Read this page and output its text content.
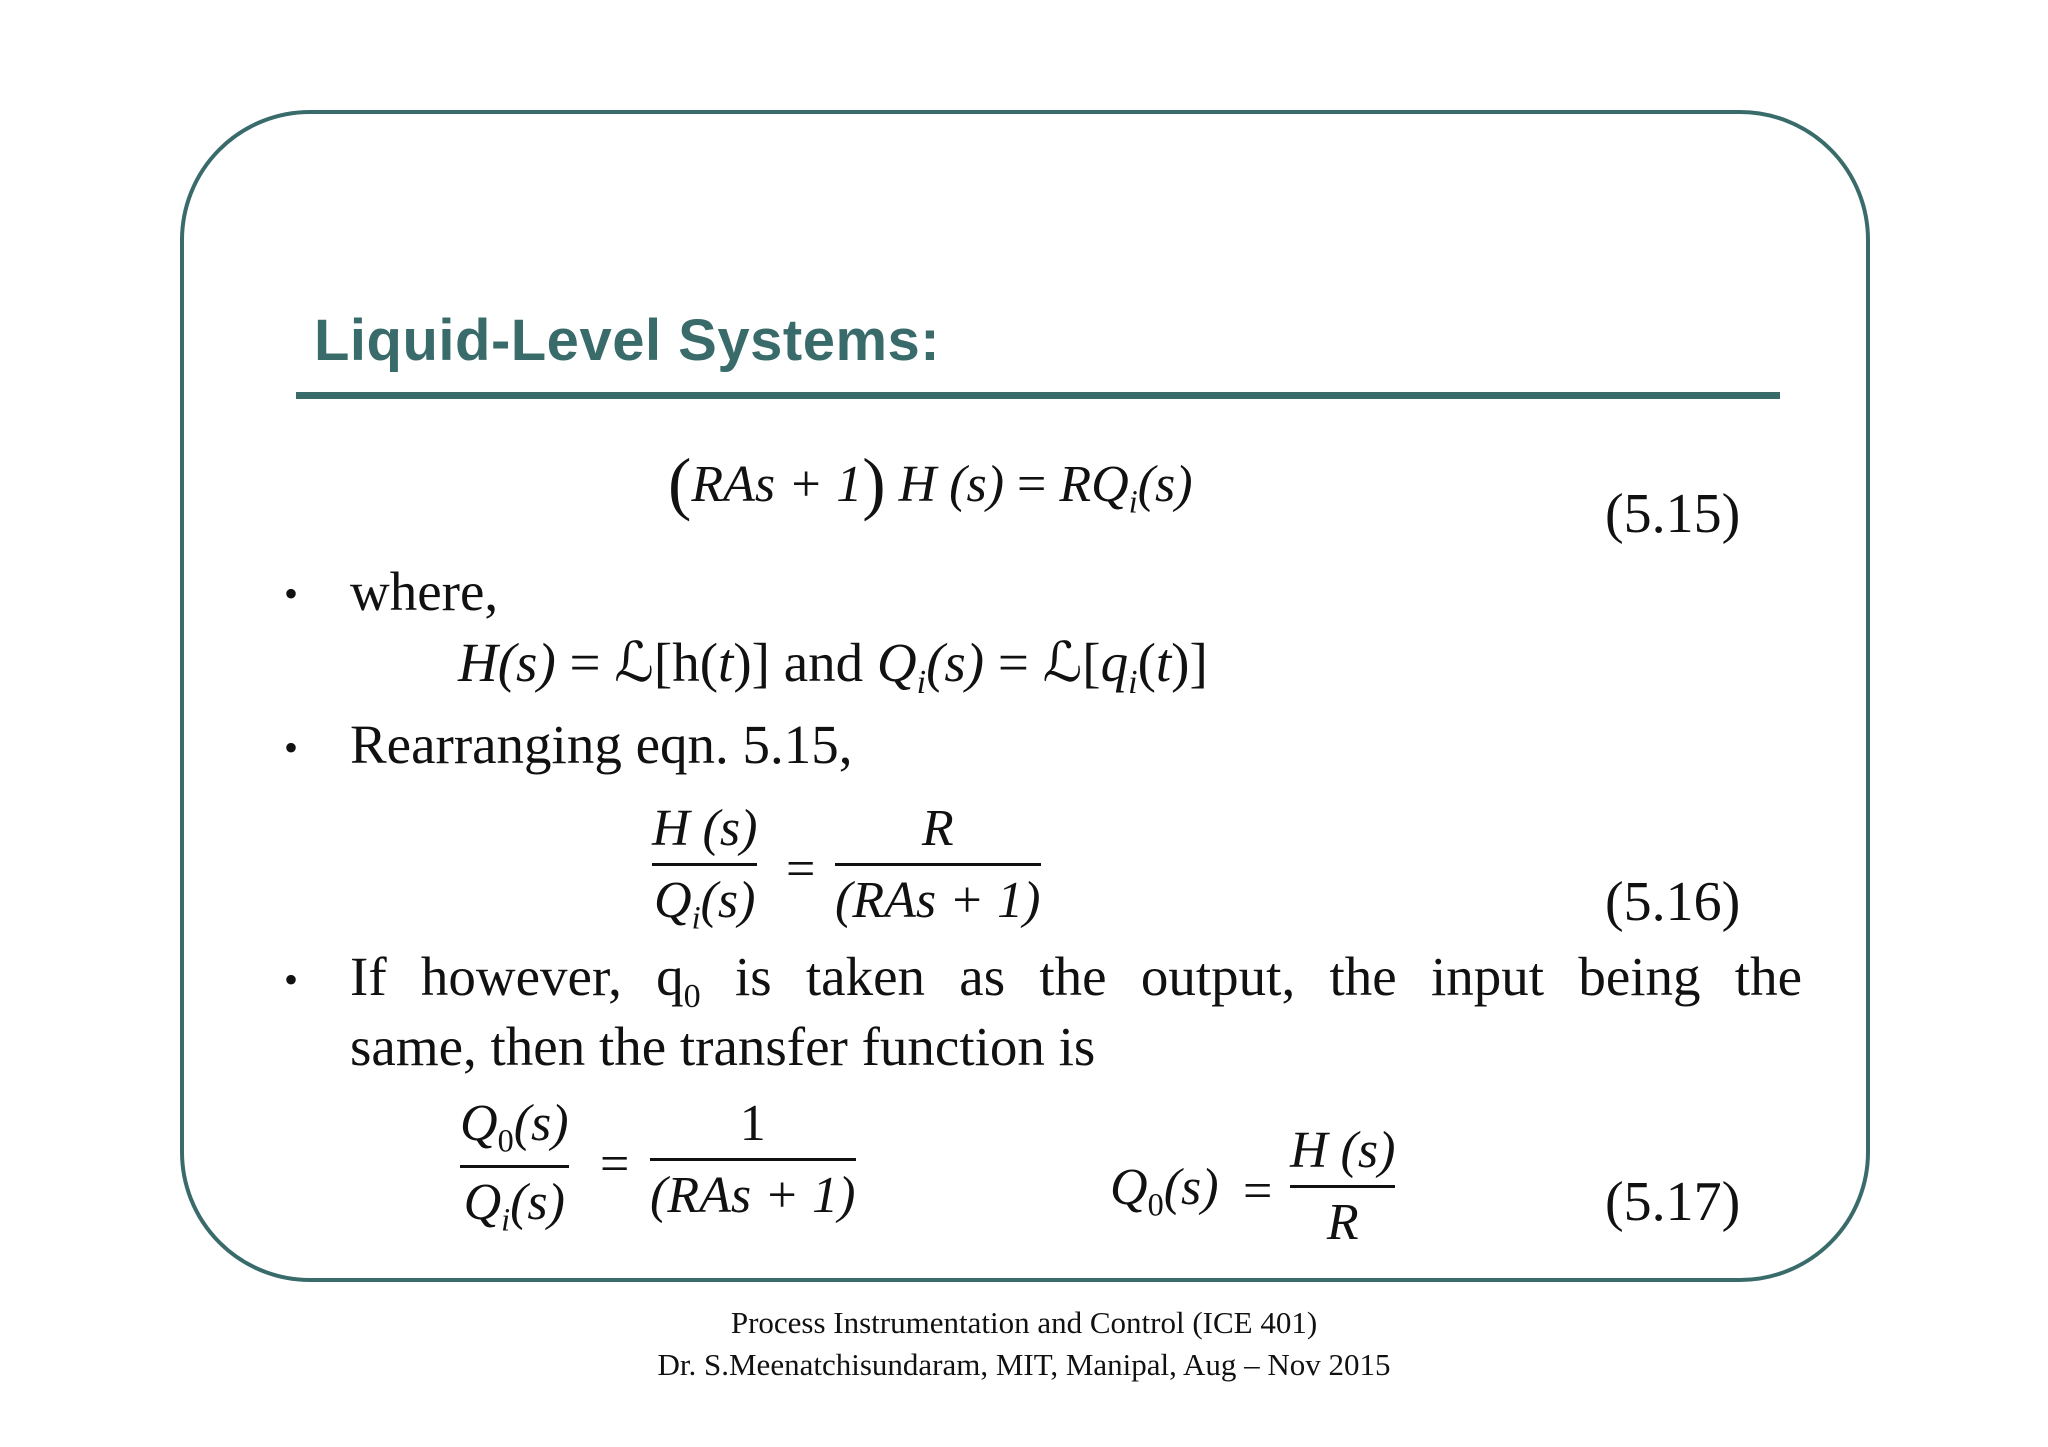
Liquid-Level Systems:
(RAs + 1) H $(s) = RQ_i(s)$	(5.15)
• where,
H(s) = ℒ[h(t)] and $Q_i(s)$ = $ℒ[q_i(t)]$
• Rearranging eqn. 5.15,
H (s)
$Q_i(s)$
=
R
(RAs + 1)	(5.16)
• If however, $q_0$ is taken as the output, the input being the
same, then the transfer function is
$Q_0(s)$
$Q_i(s)$
=
1
(RAs + 1)	$Q_0(s)$ =
H (s)
R	(5.17)
Process Instrumentation and Control (ICE 401)
Dr. S.Meenatchisundaram, MIT, Manipal, Aug – Nov 2015
